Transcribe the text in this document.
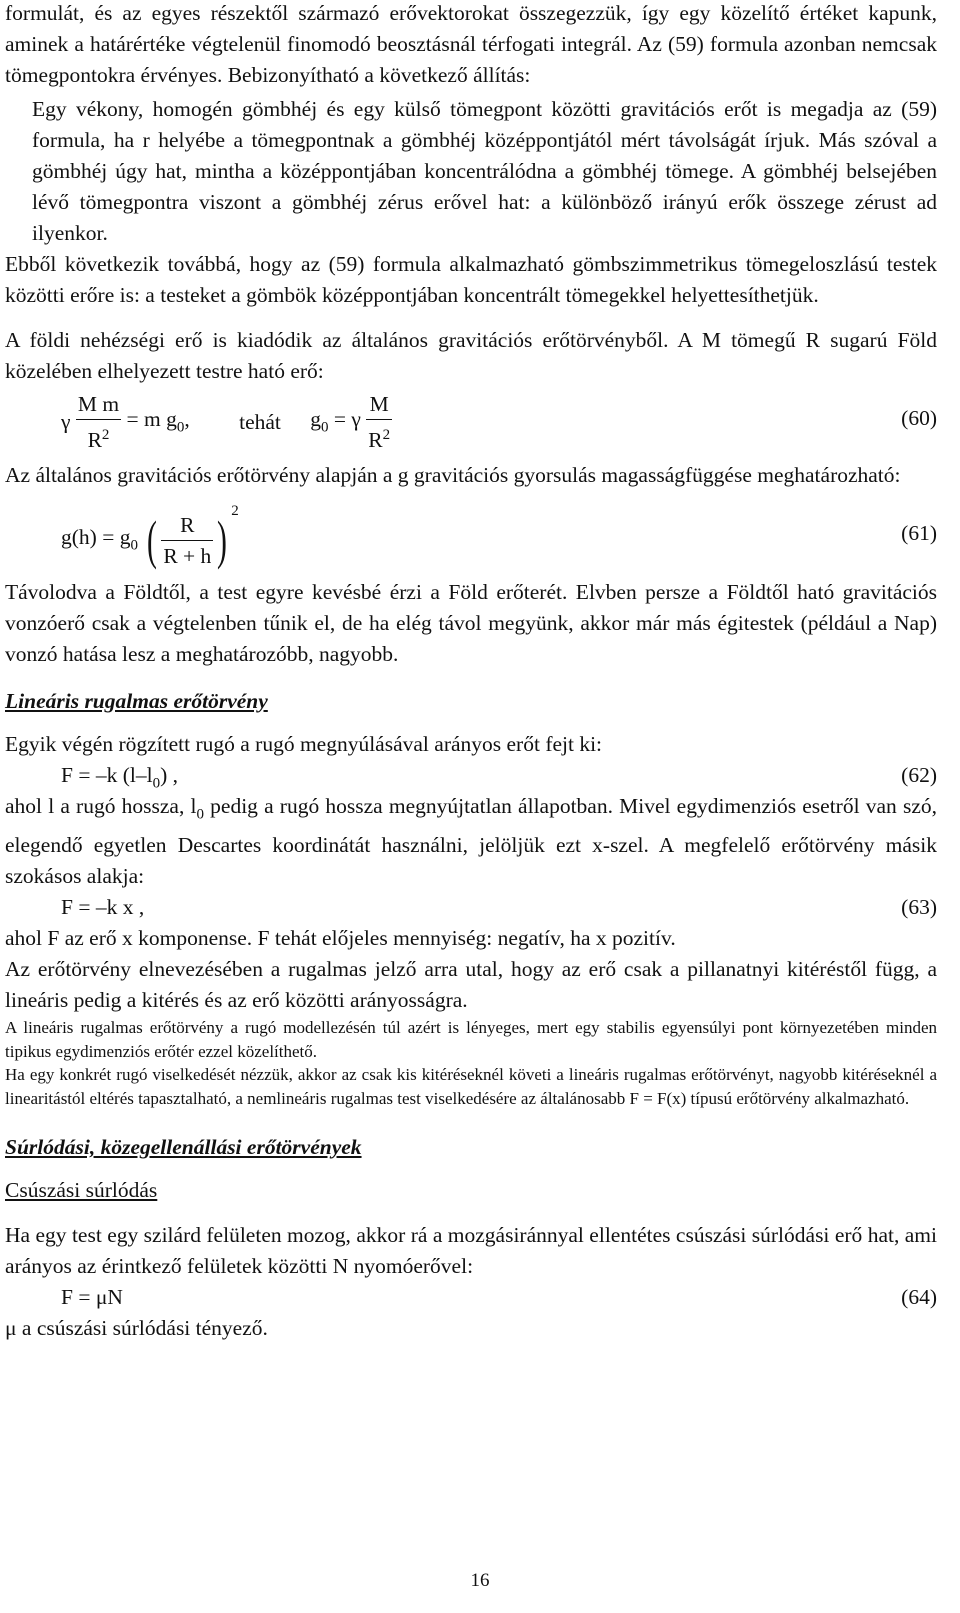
formulát, és az egyes részektől származó erővektorokat összegezzük, így egy közelítő értéket kapunk, aminek a határértéke végtelenül finomodó beosztásnál térfogati integrál. Az (59) formula azonban nemcsak tömegpontokra érvényes. Bebizonyítható a következő állítás:

Egy vékony, homogén gömbhéj és egy külső tömegpont közötti gravitációs erőt is megadja az (59) formula, ha r helyébe a tömegpontnak a gömbhéj középpontjától mért távolságát írjuk. Más szóval a gömbhéj úgy hat, mintha a középpontjában koncentrálódna a gömbhéj tömege. A gömbhéj belsejében lévő tömegpontra viszont a gömbhéj zérus erővel hat: a különböző irányú erők összege zérust ad ilyenkor.

Ebből következik továbbá, hogy az (59) formula alkalmazható gömbszimmetrikus tömegeloszlású testek közötti erőre is: a testeket a gömbök középpontjában koncentrált tömegekkel helyettesíthetjük.

A földi nehézségi erő is kiadódik az általános gravitációs erőtörvényből. A M tömegű R sugarú Föld közelében elhelyezett testre ható erő:

γ $\frac{\text{M m}}{R^2} = m$ $g_0$, tehát $g_0 = \gamma \frac{M}{R^2}$	(60)

Az általános gravitációs erőtörvény alapján a g gravitációs gyorsulás magasságfüggése meghatározható:

$g(h) = g_0$ ( $\frac{R}{R + h}$ ) $^2$
(61)

Távolodva a Földtől, a test egyre kevésbé érzi a Föld erőterét. Elvben persze a Földtől ható gravitációs vonzóerő csak a végtelenben tűnik el, de ha elég távol megyünk, akkor már más égitestek (például a Nap) vonzó hatása lesz a meghatározóbb, nagyobb.

Lineáris rugalmas erőtörvény

Egyik végén rögzített rugó a rugó megnyúlásával arányos erőt fejt ki:

F = –k $(l-l_0)$ ,	(62)

ahol l a rugó hossza, $l_0$ pedig a rugó hossza megnyújtatlan állapotban. Mivel egydimenziós esetről van szó, elegendő egyetlen Descartes koordinátát használni, jelöljük ezt x-szel. A megfelelő erőtörvény másik szokásos alakja:

F = –k x ,	(63)

ahol F az erő x komponense. F tehát előjeles mennyiség: negatív, ha x pozitív.

Az erőtörvény elnevezésében a rugalmas jelző arra utal, hogy az erő csak a pillanatnyi kitéréstől függ, a lineáris pedig a kitérés és az erő közötti arányosságra.

A lineáris rugalmas erőtörvény a rugó modellezésén túl azért is lényeges, mert egy stabilis egyensúlyi pont környezetében minden tipikus egydimenziós erőtér ezzel közelíthető.

Ha egy konkrét rugó viselkedését nézzük, akkor az csak kis kitéréseknél követi a lineáris rugalmas erőtörvényt, nagyobb kitéréseknél a linearitástól eltérés tapasztalható, a nemlineáris rugalmas test viselkedésére az általánosabb F = F(x) típusú erőtörvény alkalmazható.

Súrlódási, közegellenállási erőtörvények

Csúszási súrlódás

Ha egy test egy szilárd felületen mozog, akkor rá a mozgásiránnyal ellentétes csúszási súrlódási erő hat, ami arányos az érintkező felületek közötti N nyomóerővel:

F = μN	(64)

μ a csúszási súrlódási tényező.

16
